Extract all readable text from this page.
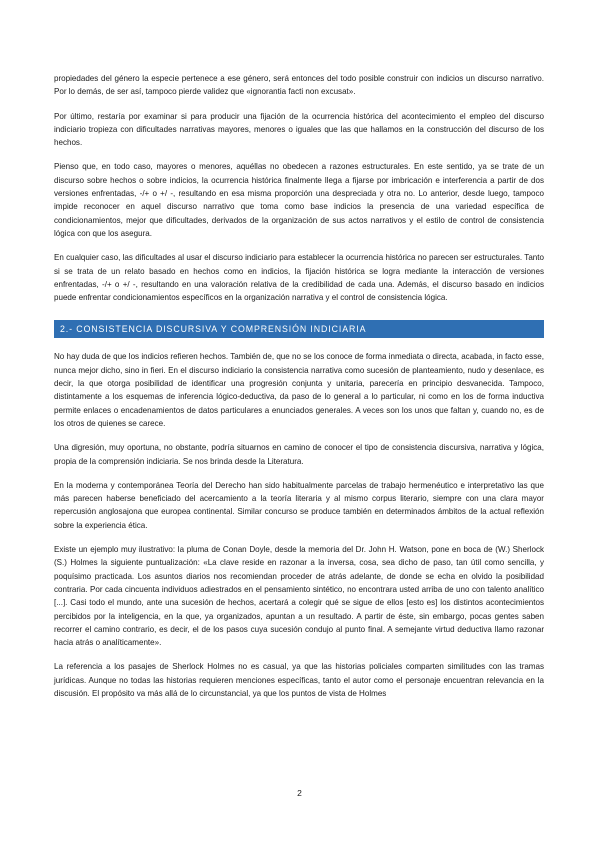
propiedades del género la especie pertenece a ese género, será entonces del todo posible construir con indicios un discurso narrativo. Por lo demás, de ser así, tampoco pierde validez que «ignorantia facti non excusat».

Por último, restaría por examinar si para producir una fijación de la ocurrencia histórica del acontecimiento el empleo del discurso indiciario tropieza con dificultades narrativas mayores, menores o iguales que las que hallamos en la construcción del discurso de los hechos.

Pienso que, en todo caso, mayores o menores, aquéllas no obedecen a razones estructurales. En este sentido, ya se trate de un discurso sobre hechos o sobre indicios, la ocurrencia histórica finalmente llega a fijarse por imbricación e interferencia a partir de dos versiones enfrentadas, -/+ o +/ -, resultando en esa misma proporción una despreciada y otra no. Lo anterior, desde luego, tampoco impide reconocer en aquel discurso narrativo que toma como base indicios la presencia de una variedad específica de condicionamientos, mejor que dificultades, derivados de la organización de sus actos narrativos y el estilo de control de consistencia lógica con que los asegura.

En cualquier caso, las dificultades al usar el discurso indiciario para establecer la ocurrencia histórica no parecen ser estructurales. Tanto si se trata de un relato basado en hechos como en indicios, la fijación histórica se logra mediante la interacción de versiones enfrentadas, -/+ o +/ -, resultando en una valoración relativa de la credibilidad de cada una. Además, el discurso basado en indicios puede enfrentar condicionamientos específicos en la organización narrativa y el control de consistencia lógica.

2.- CONSISTENCIA DISCURSIVA Y COMPRENSIÓN INDICIARIA

No hay duda de que los indicios refieren hechos. También de, que no se los conoce de forma inmediata o directa, acabada, in facto esse, nunca mejor dicho, sino in fieri. En el discurso indiciario la consistencia narrativa como sucesión de planteamiento, nudo y desenlace, es decir, la que otorga posibilidad de identificar una progresión conjunta y unitaria, parecería en principio desvanecida. Tampoco, distintamente a los esquemas de inferencia lógico-deductiva, da paso de lo general a lo particular, ni como en los de forma inductiva permite enlaces o encadenamientos de datos particulares a enunciados generales. A veces son los unos que faltan y, cuando no, es de los otros de quienes se carece.

Una digresión, muy oportuna, no obstante, podría situarnos en camino de conocer el tipo de consistencia discursiva, narrativa y lógica, propia de la comprensión indiciaria. Se nos brinda desde la Literatura.

En la moderna y contemporánea Teoría del Derecho han sido habitualmente parcelas de trabajo hermenéutico e interpretativo las que más parecen haberse beneficiado del acercamiento a la teoría literaria y al mismo corpus literario, siempre con una clara mayor repercusión anglosajona que europea continental. Similar concurso se produce también en determinados ámbitos de la actual reflexión sobre la experiencia ética.

Existe un ejemplo muy ilustrativo: la pluma de Conan Doyle, desde la memoria del Dr. John H. Watson, pone en boca de (W.) Sherlock (S.) Holmes la siguiente puntualización: «La clave reside en razonar a la inversa, cosa, sea dicho de paso, tan útil como sencilla, y poquísimo practicada. Los asuntos diarios nos recomiendan proceder de atrás adelante, de donde se echa en olvido la posibilidad contraria. Por cada cincuenta individuos adiestrados en el pensamiento sintético, no encontrara usted arriba de uno con talento analítico [...]. Casi todo el mundo, ante una sucesión de hechos, acertará a colegir qué se sigue de ellos [esto es] los distintos acontecimientos percibidos por la inteligencia, en la que, ya organizados, apuntan a un resultado. A partir de éste, sin embargo, pocas gentes saben recorrer el camino contrario, es decir, el de los pasos cuya sucesión condujo al punto final. A semejante virtud deductiva llamo razonar hacia atrás o analíticamente».

La referencia a los pasajes de Sherlock Holmes no es casual, ya que las historias policiales comparten similitudes con las tramas jurídicas. Aunque no todas las historias requieren menciones específicas, tanto el autor como el personaje encuentran relevancia en la discusión. El propósito va más allá de lo circunstancial, ya que los puntos de vista de Holmes

2
